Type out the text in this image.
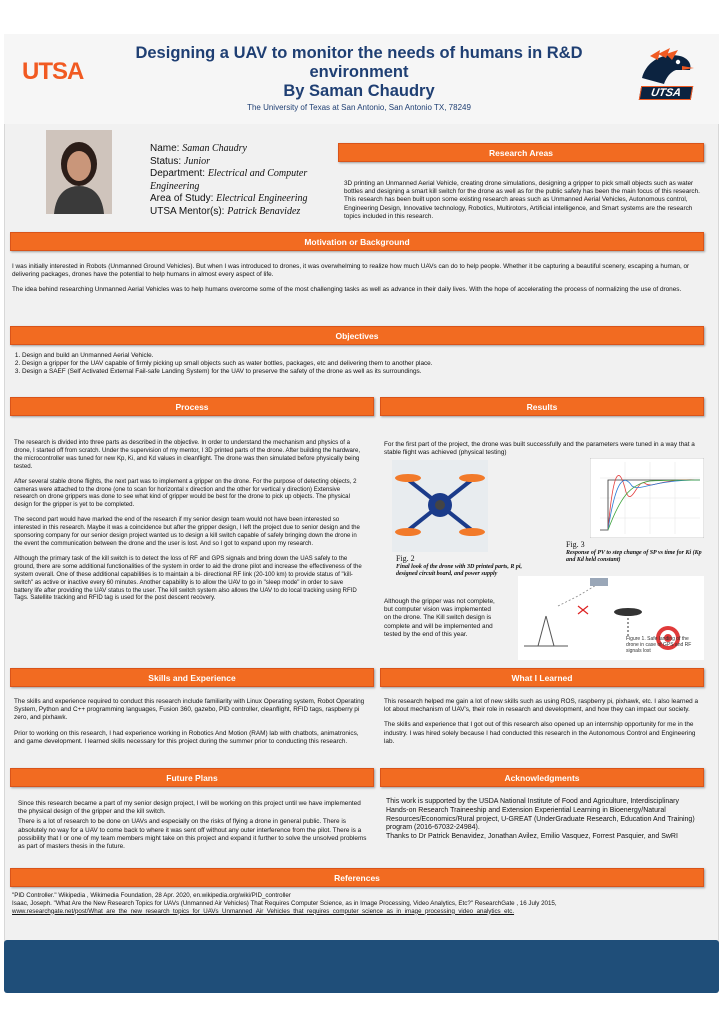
UTSA
Designing a UAV to monitor the needs of humans in R&D environment
By Saman Chaudry
The University of Texas at San Antonio, San Antonio TX, 78249
UTSA
Name: Saman Chaudry
Status: Junior
Department: Electrical and Computer Engineering
Area of Study: Electrical Engineering
UTSA Mentor(s): Patrick Benavidez
Research Areas

3D printing an Unmanned Aerial Vehicle, creating drone simulations, designing a gripper to pick small objects such as water bottles and designing a smart kill switch for the drone as well as for the public safety has been the main focus of this research. This research has been built upon some existing research areas such as Unmanned Aerial Vehicles, Autonomous control, Engineering Design, Innovative technology, Robotics, Multirotors, Artificial intelligence, and Smart systems are the research topics included in this research.

Motivation or Background

I was initially interested in Robots (Unmanned Ground Vehicles). But when I was introduced to drones, it was overwhelming to realize how much UAVs can do to help people. Whether it be capturing a beautiful scenery, escaping a human, or delivering packages, drones have the potential to help humans in almost every aspect of life.

The idea behind researching Unmanned Aerial Vehicles was to help humans overcome some of the most challenging tasks as well as advance in their daily lives. With the hope of accelerating the process of normalizing the use of drones.

Objectives
1. Design and build an Unmanned Aerial Vehicle.
2. Design a gripper for the UAV capable of firmly picking up small objects such as water bottles, packages, etc and delivering them to another place.
3. Design a SAEF (Self Activated External Fail-safe Landing System) for the UAV to preserve the safety of the drone as well as its surroundings.
Process

The research is divided into three parts as described in the objective. In order to understand the mechanism and physics of a drone, I started off from scratch. Under the supervision of my mentor, I 3D printed parts of the drone. After building the hardware, the microcontroller was tuned for new Kp, Ki, and Kd values in cleanflight. The drone was then simulated before physically being tested.

After several stable drone flights, the next part was to implement a gripper on the drone. For the purpose of detecting objects, 2 cameras were attached to the drone (one to scan for horizontal x direction and the other for vertical y direction) Extensive research on drone grippers was done to see what kind of gripper would be best for the drone to pick up objects. The physical design for the gripper is yet to be completed.

The second part would have marked the end of the research if my senior design team would not have been interested so interested in this research. Maybe it was a coincidence but after the gripper design, I left the project due to senior design and the sponsoring company for our senior design project wanted us to design a kill switch capable of safely bringing down the drone in the event the communication between the drone and the user is lost. And so I got to expand upon my research.

Although the primary task of the kill switch is to detect the loss of RF and GPS signals and bring down the UAS safely to the ground, there are some additional functionalities of the system in order to aid the drone pilot and increase the effectiveness of the system overall. One of these additional capabilities is to maintain a bi- directional RF link (20-100 km) to provide status of "kill-switch" as active or inactive every 60 minutes. Another capability is to allow the UAV to go in "sleep mode" in order to save battery life after providing the UAV status to the user. The kill switch system also allows the UAV to do local tracking using RFID Tags. Satellite tracking and RFID tag is used for the post descent recovery.

Results

For the first part of the project, the drone was built successfully and the parameters were tuned in a way that a stable flight was achieved (physical testing)

Fig. 2
Final look of the drone with 3D printed parts, R pi, designed circuit board, and power supply
Fig. 3
Response of PV to step change of SP vs time for Ki (Kp and Kd held constant)

Although the gripper was not complete, but computer vision was implemented on the drone. The Kill switch design is complete and will be implemented and tested by the end of this year.

Figure 1. Safe landing of the drone in case of GPS and RF signals lost
Skills and Experience

The skills and experience required to conduct this research include familiarity with Linux Operating system, Robot Operating System, Python and C++ programming languages, Fusion 360, gazebo, PID controller, cleanflight, RFID tags, raspberry pi zero, and pixhawk.

Prior to working on this research, I had experience working in Robotics And Motion (RAM) lab with chatbots, animatronics, and game development. I learned skills necessary for this project during the summer prior to conducting this research.

What I Learned

This research helped me gain a lot of new skills such as using ROS, raspberry pi, pixhawk, etc. I also learned a lot about mechanism of UAV's, their role in research and development, and how they can impact our society.

The skills and experience that I got out of this research also opened up an internship opportunity for me in the industry. I was hired solely because I had conducted this research in the Autonomous Control and Engineering lab.

Future Plans

Since this research became a part of my senior design project, I will be working on this project until we have implemented the physical design of the gripper and the kill switch.

There is a lot of research to be done on UAVs and especially on the risks of flying a drone in general public. There is absolutely no way for a UAV to come back to where it was sent off without any outer interference from the pilot. There is a possibility that I or one of my team members might take on this project and expand it further to solve the unsolved problems as part of masters thesis in the future.

Acknowledgments

This work is supported by the USDA National Institute of Food and Agriculture, Interdisciplinary Hands-on Research Traineeship and Extension Experiential Learning in Bioenergy/Natural Resources/Economics/Rural project, U-GREAT (UnderGraduate Research, Education And Training) program (2016-67032-24984).

Thanks to Dr Patrick Benavidez, Jonathan Avilez, Emilio Vasquez, Forrest Pasquier, and SwRI

References
"PID Controller." Wikipedia , Wikimedia Foundation, 28 Apr. 2020, en.wikipedia.org/wiki/PID_controller
Isaac, Joseph. "What Are the New Research Topics for UAVs (Unmanned Air Vehicles) That Requires Computer Science, as in Image Processing, Video Analytics, Etc?" ResearchGate , 16 July 2015,
www.researchgate.net/post/What_are_the_new_research_topics_for_UAVs_Unmanned_Air_Vehicles_that_requires_computer_science_as_in_image_processing_video_analytics_etc.
